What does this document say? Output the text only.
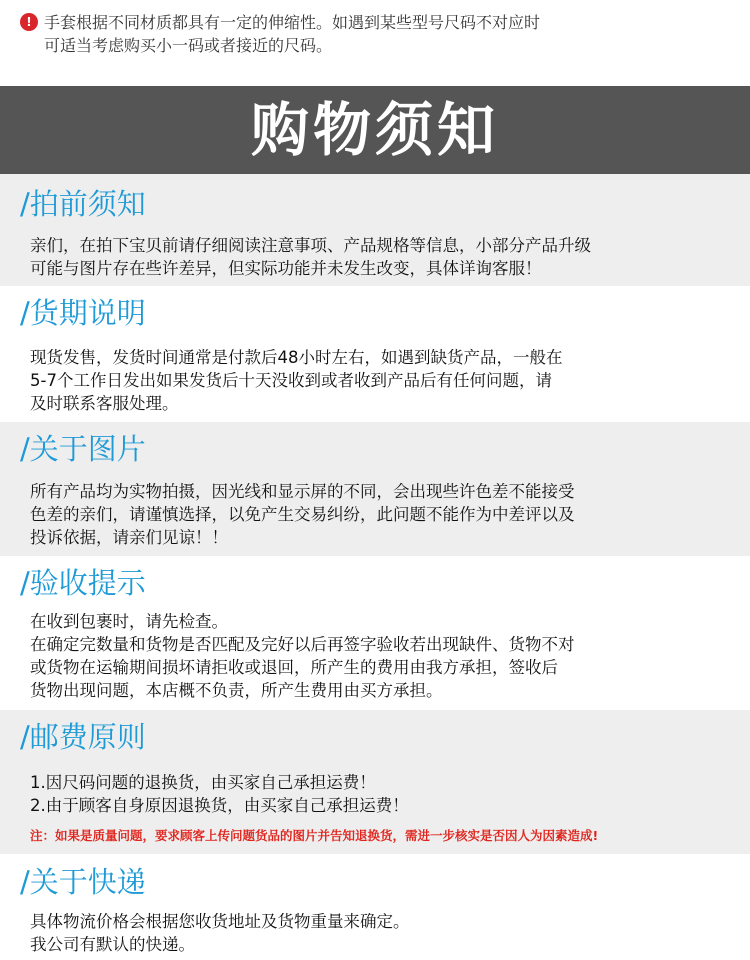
! 手套根据不同材质都具有一定的伸缩性。如遇到某些型号尺码不对应时
可适当考虑购买小一码或者接近的尺码。
购物须知
/拍前须知
亲们，在拍下宝贝前请仔细阅读注意事项、产品规格等信息，小部分产品升级
可能与图片存在些许差异，但实际功能并未发生改变，具体详询客服！
/货期说明
现货发售，发货时间通常是付款后48小时左右，如遇到缺货产品，一般在
5-7个工作日发出如果发货后十天没收到或者收到产品后有任何问题，请
及时联系客服处理。
/关于图片
所有产品均为实物拍摄，因光线和显示屏的不同，会出现些许色差不能接受
色差的亲们，请谨慎选择，以免产生交易纠纷，此问题不能作为中差评以及
投诉依据，请亲们见谅！！
/验收提示
在收到包裹时，请先检查。
在确定完数量和货物是否匹配及完好以后再签字验收若出现缺件、货物不对
或货物在运输期间损坏请拒收或退回，所产生的费用由我方承担，签收后
货物出现问题，本店概不负责，所产生费用由买方承担。
/邮费原则
1.因尺码问题的退换货，由买家自己承担运费！
2.由于顾客自身原因退换货，由买家自己承担运费！
注：如果是质量问题，要求顾客上传问题货品的图片并告知退换货，需进一步核实是否因人为因素造成!
/关于快递
具体物流价格会根据您收货地址及货物重量来确定。
我公司有默认的快递。
